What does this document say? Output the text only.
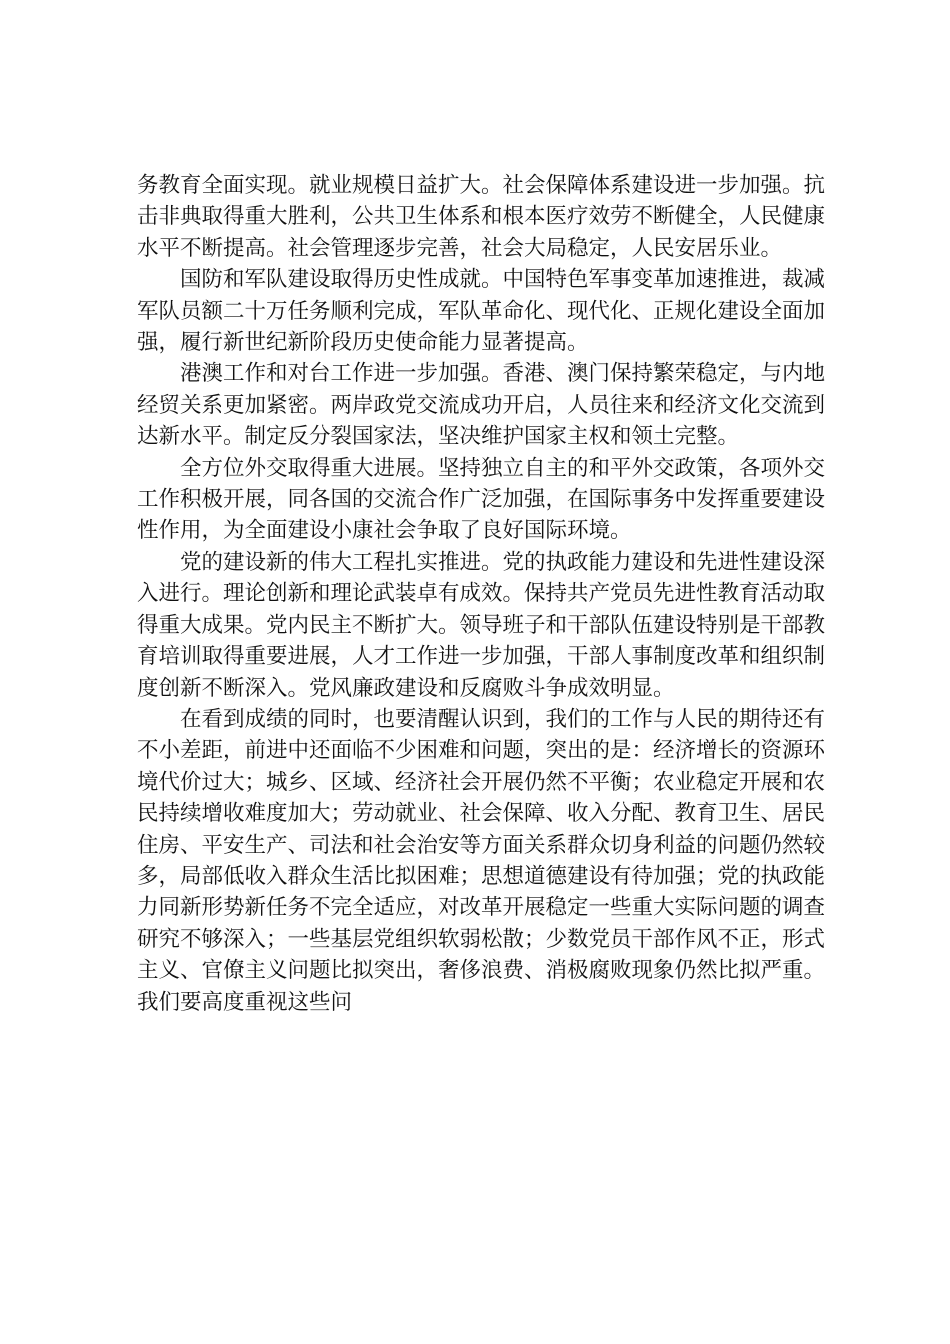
务教育全面实现。就业规模日益扩大。社会保障体系建设进一步加强。抗击非典取得重大胜利，公共卫生体系和根本医疗效劳不断健全，人民健康水平不断提高。社会管理逐步完善，社会大局稳定，人民安居乐业。

国防和军队建设取得历史性成就。中国特色军事变革加速推进，裁减军队员额二十万任务顺利完成，军队革命化、现代化、正规化建设全面加强，履行新世纪新阶段历史使命能力显著提高。

港澳工作和对台工作进一步加强。香港、澳门保持繁荣稳定，与内地经贸关系更加紧密。两岸政党交流成功开启，人员往来和经济文化交流到达新水平。制定反分裂国家法，坚决维护国家主权和领土完整。

全方位外交取得重大进展。坚持独立自主的和平外交政策，各项外交工作积极开展，同各国的交流合作广泛加强，在国际事务中发挥重要建设性作用，为全面建设小康社会争取了良好国际环境。

党的建设新的伟大工程扎实推进。党的执政能力建设和先进性建设深入进行。理论创新和理论武装卓有成效。保持共产党员先进性教育活动取得重大成果。党内民主不断扩大。领导班子和干部队伍建设特别是干部教育培训取得重要进展，人才工作进一步加强，干部人事制度改革和组织制度创新不断深入。党风廉政建设和反腐败斗争成效明显。

在看到成绩的同时，也要清醒认识到，我们的工作与人民的期待还有不小差距，前进中还面临不少困难和问题，突出的是：经济增长的资源环境代价过大；城乡、区域、经济社会开展仍然不平衡；农业稳定开展和农民持续增收难度加大；劳动就业、社会保障、收入分配、教育卫生、居民住房、平安生产、司法和社会治安等方面关系群众切身利益的问题仍然较多，局部低收入群众生活比拟困难；思想道德建设有待加强；党的执政能力同新形势新任务不完全适应，对改革开展稳定一些重大实际问题的调查研究不够深入；一些基层党组织软弱松散；少数党员干部作风不正，形式主义、官僚主义问题比拟突出，奢侈浪费、消极腐败现象仍然比拟严重。我们要高度重视这些问
